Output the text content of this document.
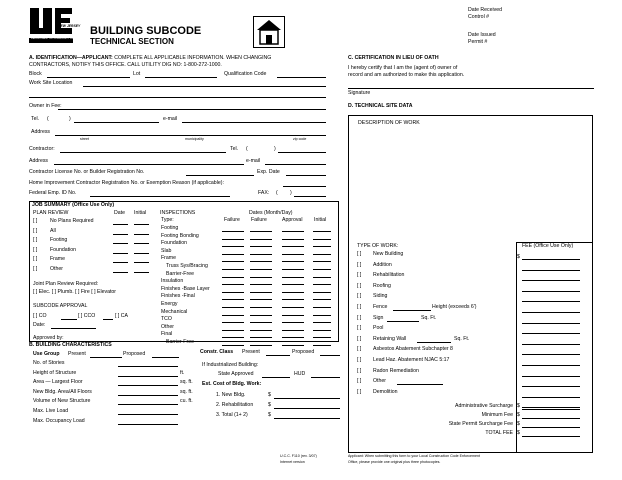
NEW JERSEY
DEPARTMENT OF COMMUNITY AFFAIRS
BUILDING SUBCODE
TECHNICAL SECTION
Date Received
Control #
Date Issued
Permit #
A. IDENTIFICATION—APPLICANT: COMPLETE ALL APPLICABLE INFORMATION. WHEN CHANGING
CONTRACTORS, NOTIFY THIS OFFICE. CALL UTILITY DIG NO: 1-800-272-1000.
Block	Lot	Qualification Code
Work Site Location
Owner in Fee:
Tel. (	)	e-mail
Address
street	municipality	zip code
Contractor:	Tel. (	)
Address	e-mail
Contractor License No. or Builder Registration No.	Exp. Date
Home Improvement Contractor Registration No. or Exemption Reason (if applicable):
Federal Emp. ID No.	FAX: ( )
JOB SUMMARY (Office Use Only)
PLAN REVIEW	Date Initial
Joint Plan Review Required:
[ ] Elec. [ ] Plumb. [ ] Fire [ ] Elevator
SUBCODE APPROVAL
[ ] CO	[ ] CCO	[ ] CA
Date:
Approved by:
INSPECTIONS	Dates (Month/Day)
Type:	Failure Failure	Approval Initial
B. BUILDING CHARACTERISTICS
Use Group Present	Proposed	Constr. Class Present	Proposed
If Industrialized Building:
State Approved	HUD
Est. Cost of Bldg. Work:
C. CERTIFICATION IN LIEU OF OATH
I hereby certify that I am the (agent of) owner of
record and am authorized to make this application.
Signature
D. TECHNICAL SITE DATA
DESCRIPTION OF WORK
TYPE OF WORK:	FEE (Office Use Only)
$
U.C.C. F110 (rev. 3/07)
Internet version
Applicant: When submitting this form to your Local Construction Code Enforcement
Office, please provide one original plus three photocopies.
[ ] No Plans Required
[ ] All
[ ] Footing
[ ] Foundation
[ ] Frame
[ ] Other
Footing
Footing Bonding
Foundation
Slab
Frame
Truss Sys/Bracing
Barrier-Free
Insulation
Finishes -Base Layer
Finishes -Final
Energy
Mechanical
TCO
Other
Final
Barrier-Free
No. of Stories
Height of Structure	ft.
Area — Largest Floor	sq. ft.
New Bldg. Area/All Floors	sq. ft.
Volume of New Structure	cu. ft.
Max. Live Load
Max. Occupancy Load
1. New Bldg.	$
2. Rehabilitation	$
3. Total (1+ 2)	$
[ ] New Building
[ ] Addition
[ ] Rehabilitation
[ ] Roofing
[ ] Siding
[ ] Fence	Height (exceeds 6')
[ ] Sign	Sq. Ft.
[ ] Pool
[ ] Retaining Wall	Sq. Ft.
[ ] Asbestos Abatement Subchapter 8
[ ] Lead Haz. Abatement NJAC 5:17
[ ] Radon Remediation
[ ] Other
[ ] Demolition
Administrative Surcharge $
Minimum Fee $
State Permit Surcharge Fee $
TOTAL FEE $
